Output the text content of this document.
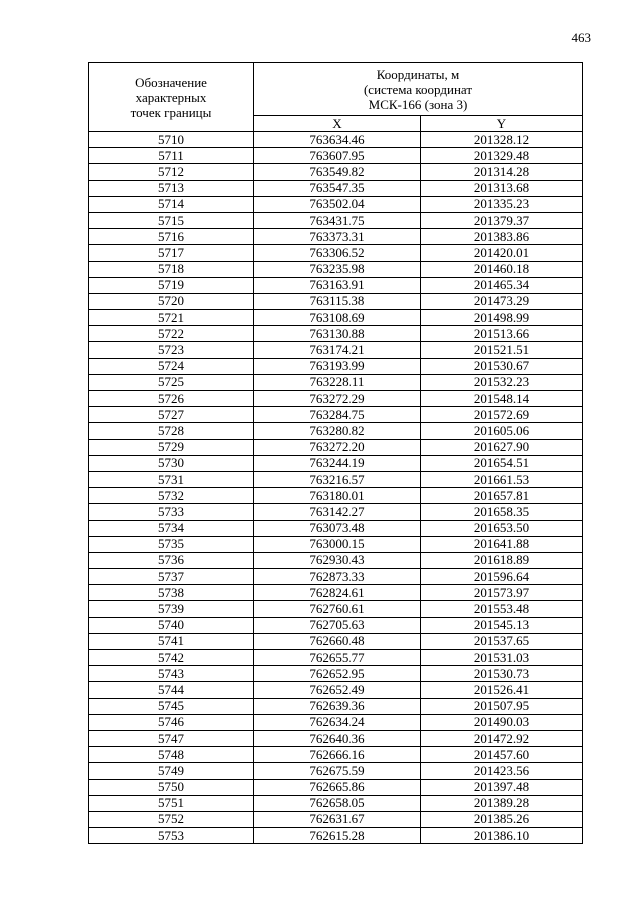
463
Обозначение
характерных
точек границы	Координаты, м
(система координат
МСК-166 (зона 3)	

	X	Y
5710	763634.46	201328.12
5711	763607.95	201329.48
5712	763549.82	201314.28
5713	763547.35	201313.68
5714	763502.04	201335.23
5715	763431.75	201379.37
5716	763373.31	201383.86
5717	763306.52	201420.01
5718	763235.98	201460.18
5719	763163.91	201465.34
5720	763115.38	201473.29
5721	763108.69	201498.99
5722	763130.88	201513.66
5723	763174.21	201521.51
5724	763193.99	201530.67
5725	763228.11	201532.23
5726	763272.29	201548.14
5727	763284.75	201572.69
5728	763280.82	201605.06
5729	763272.20	201627.90
5730	763244.19	201654.51
5731	763216.57	201661.53
5732	763180.01	201657.81
5733	763142.27	201658.35
5734	763073.48	201653.50
5735	763000.15	201641.88
5736	762930.43	201618.89
5737	762873.33	201596.64
5738	762824.61	201573.97
5739	762760.61	201553.48
5740	762705.63	201545.13
5741	762660.48	201537.65
5742	762655.77	201531.03
5743	762652.95	201530.73
5744	762652.49	201526.41
5745	762639.36	201507.95
5746	762634.24	201490.03
5747	762640.36	201472.92
5748	762666.16	201457.60
5749	762675.59	201423.56
5750	762665.86	201397.48
5751	762658.05	201389.28
5752	762631.67	201385.26
5753	762615.28	201386.10
